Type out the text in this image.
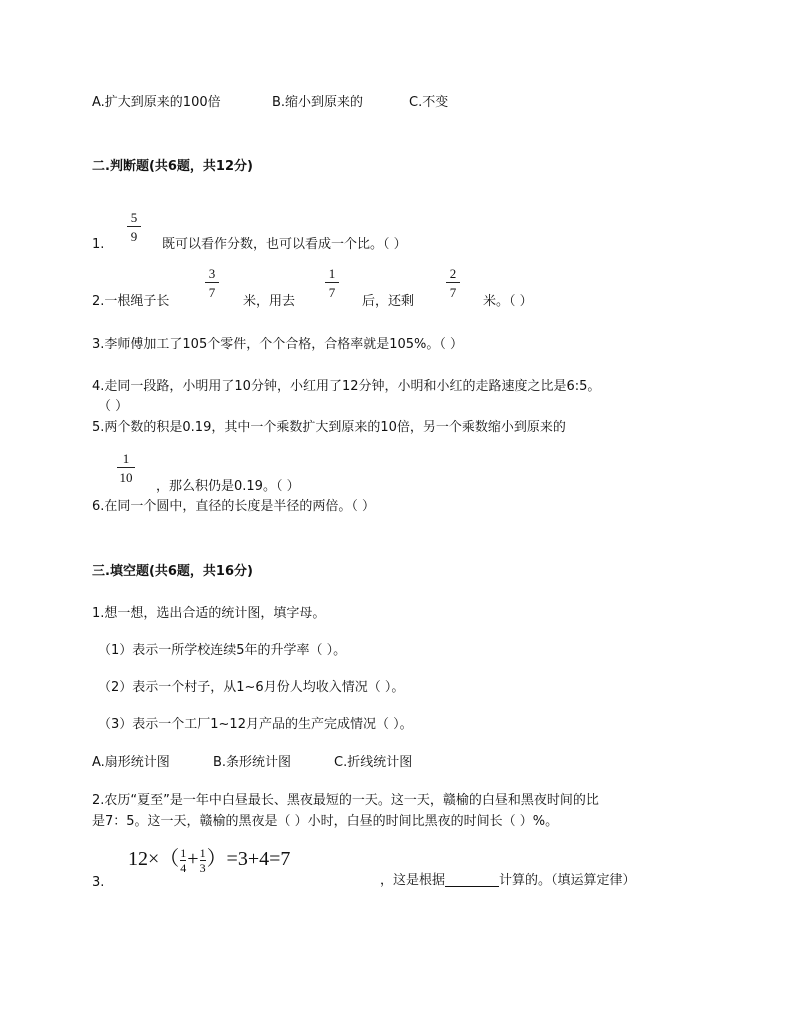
A.扩大到原来的100倍	B.缩小到原来的	C.不变
二.判断题(共6题，共12分)
1.
5
9
既可以看作分数，也可以看成一个比。（ ）
2.一根绳子长
3
7
米，用去
1
7
后，还剩
2
7
米。（ ）
3.李师傅加工了105个零件，个个合格，合格率就是105%。（ ）
4.走同一段路，小明用了10分钟，小红用了12分钟，小明和小红的走路速度之比是6:5。
（ ）
5.两个数的积是0.19，其中一个乘数扩大到原来的10倍，另一个乘数缩小到原来的
1
10
，那么积仍是0.19。（ ）
6.在同一个圆中，直径的长度是半径的两倍。（ ）
三.填空题(共6题，共16分)
1.想一想，选出合适的统计图，填字母。
（1）表示一所学校连续5年的升学率（ ）。
（2）表示一个村子，从1~6月份人均收入情况（ ）。
（3）表示一个工厂1~12月产品的生产完成情况（ ）。
A.扇形统计图	B.条形统计图	C.折线统计图
2.农历“夏至”是一年中白昼最长、黑夜最短的一天。这一天，赣榆的白昼和黑夜时间的比
是7：5。这一天，赣榆的黑夜是（ ）小时，白昼的时间比黑夜的时间长（ ）%。
3.
$12\times( \frac{1}{4} + \frac{1}{3} )=3+4=7$
，这是根据	计算的。（填运算定律）
